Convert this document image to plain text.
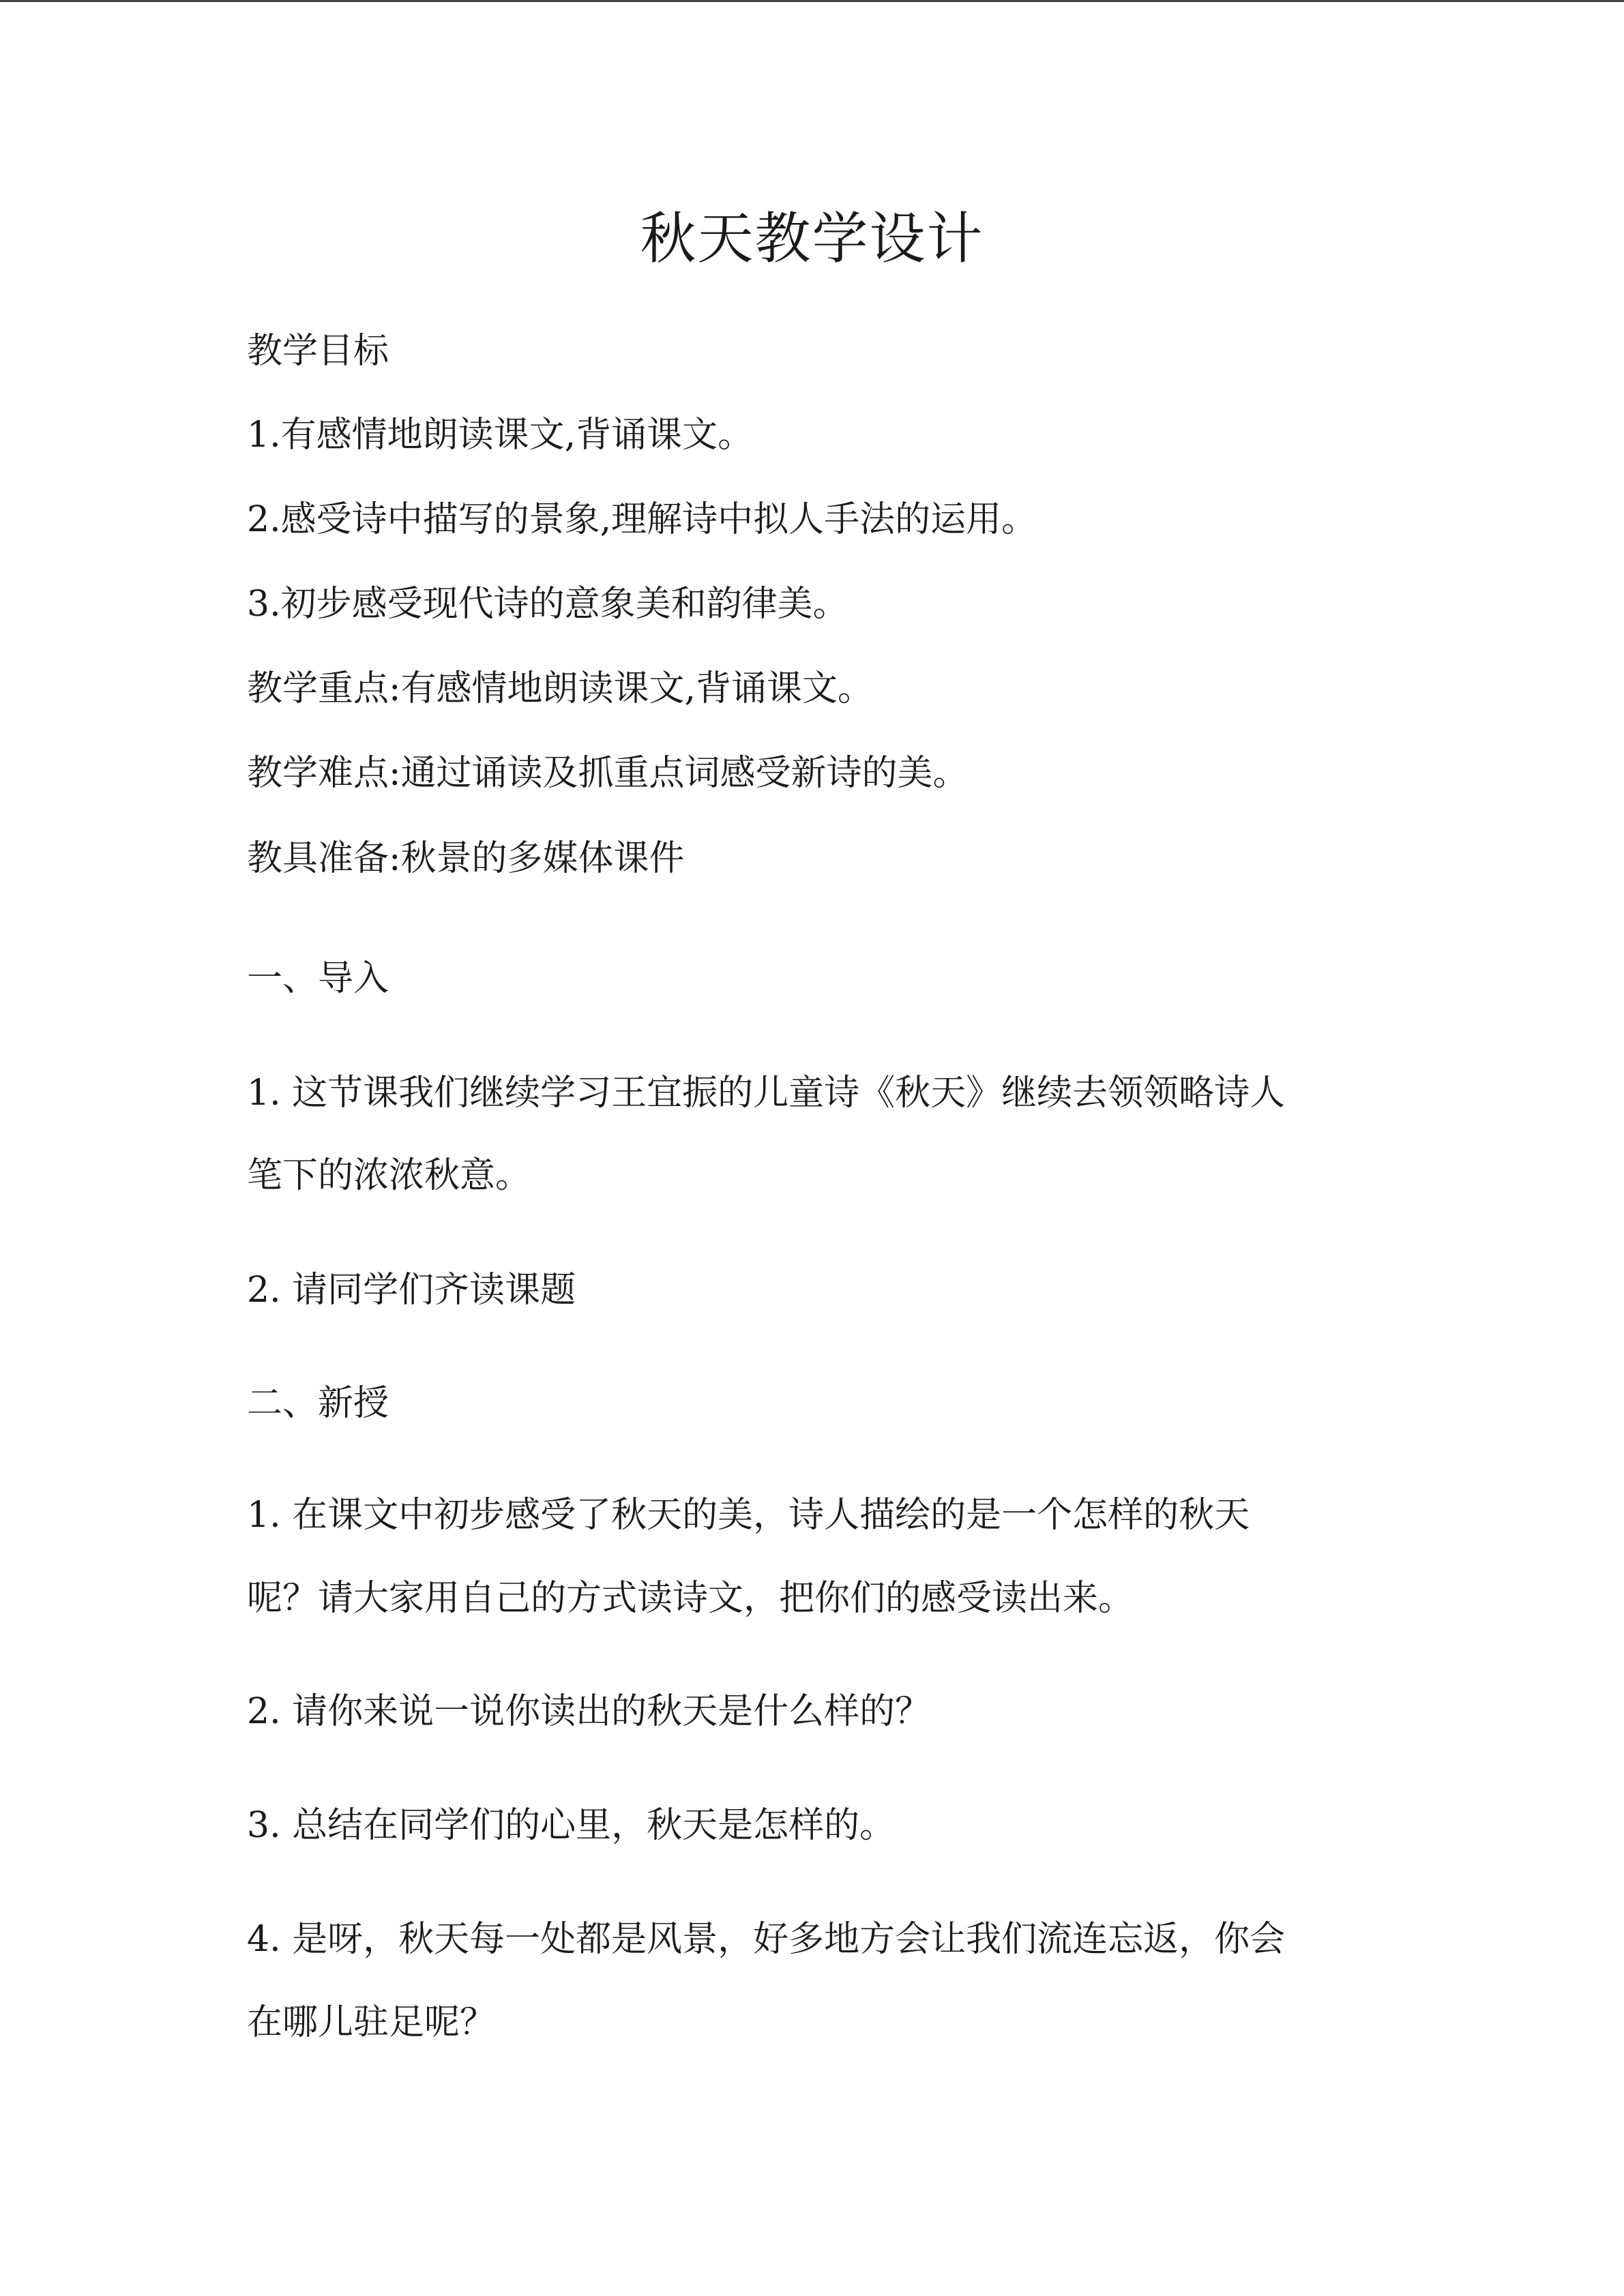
秋天教学设计
教学目标
1.有感情地朗读课文,背诵课文。
2.感受诗中描写的景象,理解诗中拟人手法的运用。
3.初步感受现代诗的意象美和韵律美。
教学重点:有感情地朗读课文,背诵课文。
教学难点:通过诵读及抓重点词感受新诗的美。
教具准备:秋景的多媒体课件
一、导入
1. 这节课我们继续学习王宜振的儿童诗《秋天》继续去领领略诗人
笔下的浓浓秋意。
2. 请同学们齐读课题
二、新授
1. 在课文中初步感受了秋天的美，诗人描绘的是一个怎样的秋天
呢？请大家用自己的方式读诗文，把你们的感受读出来。
2. 请你来说一说你读出的秋天是什么样的？
3. 总结在同学们的心里，秋天是怎样的。
4. 是呀，秋天每一处都是风景，好多地方会让我们流连忘返，你会
在哪儿驻足呢？
